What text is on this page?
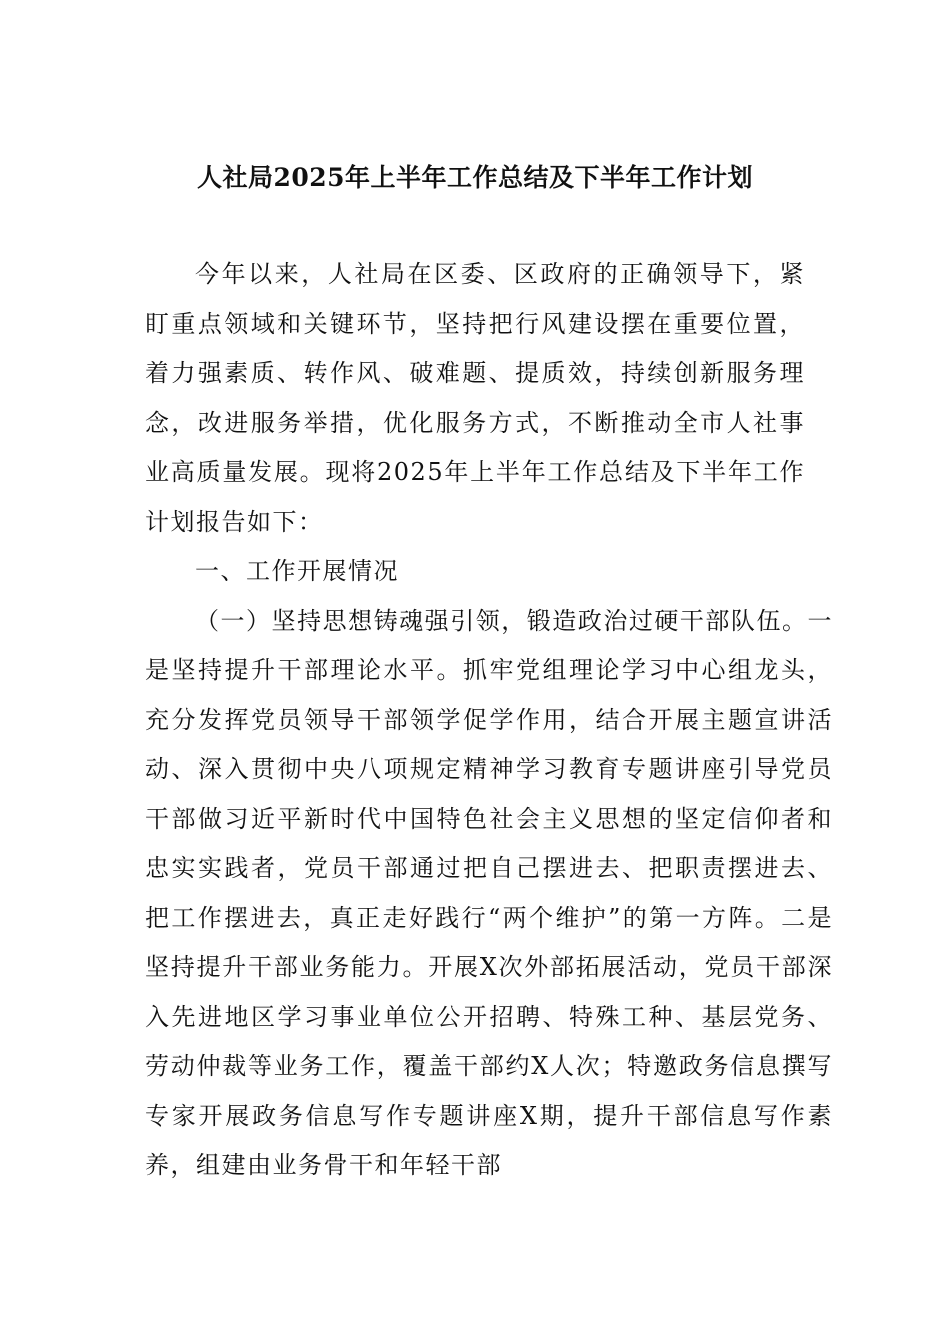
人社局2025年上半年工作总结及下半年工作计划

今年以来，人社局在区委、区政府的正确领导下，紧盯重点领域和关键环节，坚持把行风建设摆在重要位置，着力强素质、转作风、破难题、提质效，持续创新服务理念，改进服务举措，优化服务方式，不断推动全市人社事业高质量发展。现将2025年上半年工作总结及下半年工作计划报告如下：

一、工作开展情况

（一）坚持思想铸魂强引领，锻造政治过硬干部队伍。一是坚持提升干部理论水平。抓牢党组理论学习中心组龙头，充分发挥党员领导干部领学促学作用，结合开展主题宣讲活动、深入贯彻中央八项规定精神学习教育专题讲座引导党员干部做习近平新时代中国特色社会主义思想的坚定信仰者和忠实实践者，党员干部通过把自己摆进去、把职责摆进去、把工作摆进去，真正走好践行“两个维护”的第一方阵。二是坚持提升干部业务能力。开展X次外部拓展活动，党员干部深入先进地区学习事业单位公开招聘、特殊工种、基层党务、劳动仲裁等业务工作，覆盖干部约X人次；特邀政务信息撰写专家开展政务信息写作专题讲座X期，提升干部信息写作素养，组建由业务骨干和年轻干部
